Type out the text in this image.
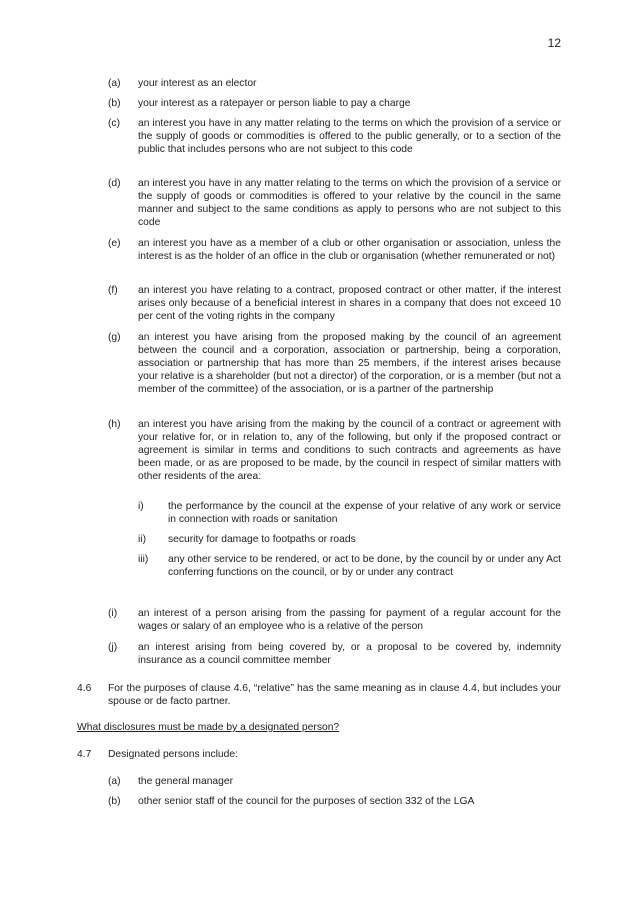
12
(a) your interest as an elector
(b) your interest as a ratepayer or person liable to pay a charge
(c) an interest you have in any matter relating to the terms on which the provision of a service or the supply of goods or commodities is offered to the public generally, or to a section of the public that includes persons who are not subject to this code
(d) an interest you have in any matter relating to the terms on which the provision of a service or the supply of goods or commodities is offered to your relative by the council in the same manner and subject to the same conditions as apply to persons who are not subject to this code
(e) an interest you have as a member of a club or other organisation or association, unless the interest is as the holder of an office in the club or organisation (whether remunerated or not)
(f) an interest you have relating to a contract, proposed contract or other matter, if the interest arises only because of a beneficial interest in shares in a company that does not exceed 10 per cent of the voting rights in the company
(g) an interest you have arising from the proposed making by the council of an agreement between the council and a corporation, association or partnership, being a corporation, association or partnership that has more than 25 members, if the interest arises because your relative is a shareholder (but not a director) of the corporation, or is a member (but not a member of the committee) of the association, or is a partner of the partnership
(h) an interest you have arising from the making by the council of a contract or agreement with your relative for, or in relation to, any of the following, but only if the proposed contract or agreement is similar in terms and conditions to such contracts and agreements as have been made, or as are proposed to be made, by the council in respect of similar matters with other residents of the area:
i) the performance by the council at the expense of your relative of any work or service in connection with roads or sanitation
ii) security for damage to footpaths or roads
iii) any other service to be rendered, or act to be done, by the council by or under any Act conferring functions on the council, or by or under any contract
(i) an interest of a person arising from the passing for payment of a regular account for the wages or salary of an employee who is a relative of the person
(j) an interest arising from being covered by, or a proposal to be covered by, indemnity insurance as a council committee member
4.6 For the purposes of clause 4.6, “relative” has the same meaning as in clause 4.4, but includes your spouse or de facto partner.
What disclosures must be made by a designated person?
4.7 Designated persons include:
(a) the general manager
(b) other senior staff of the council for the purposes of section 332 of the LGA
